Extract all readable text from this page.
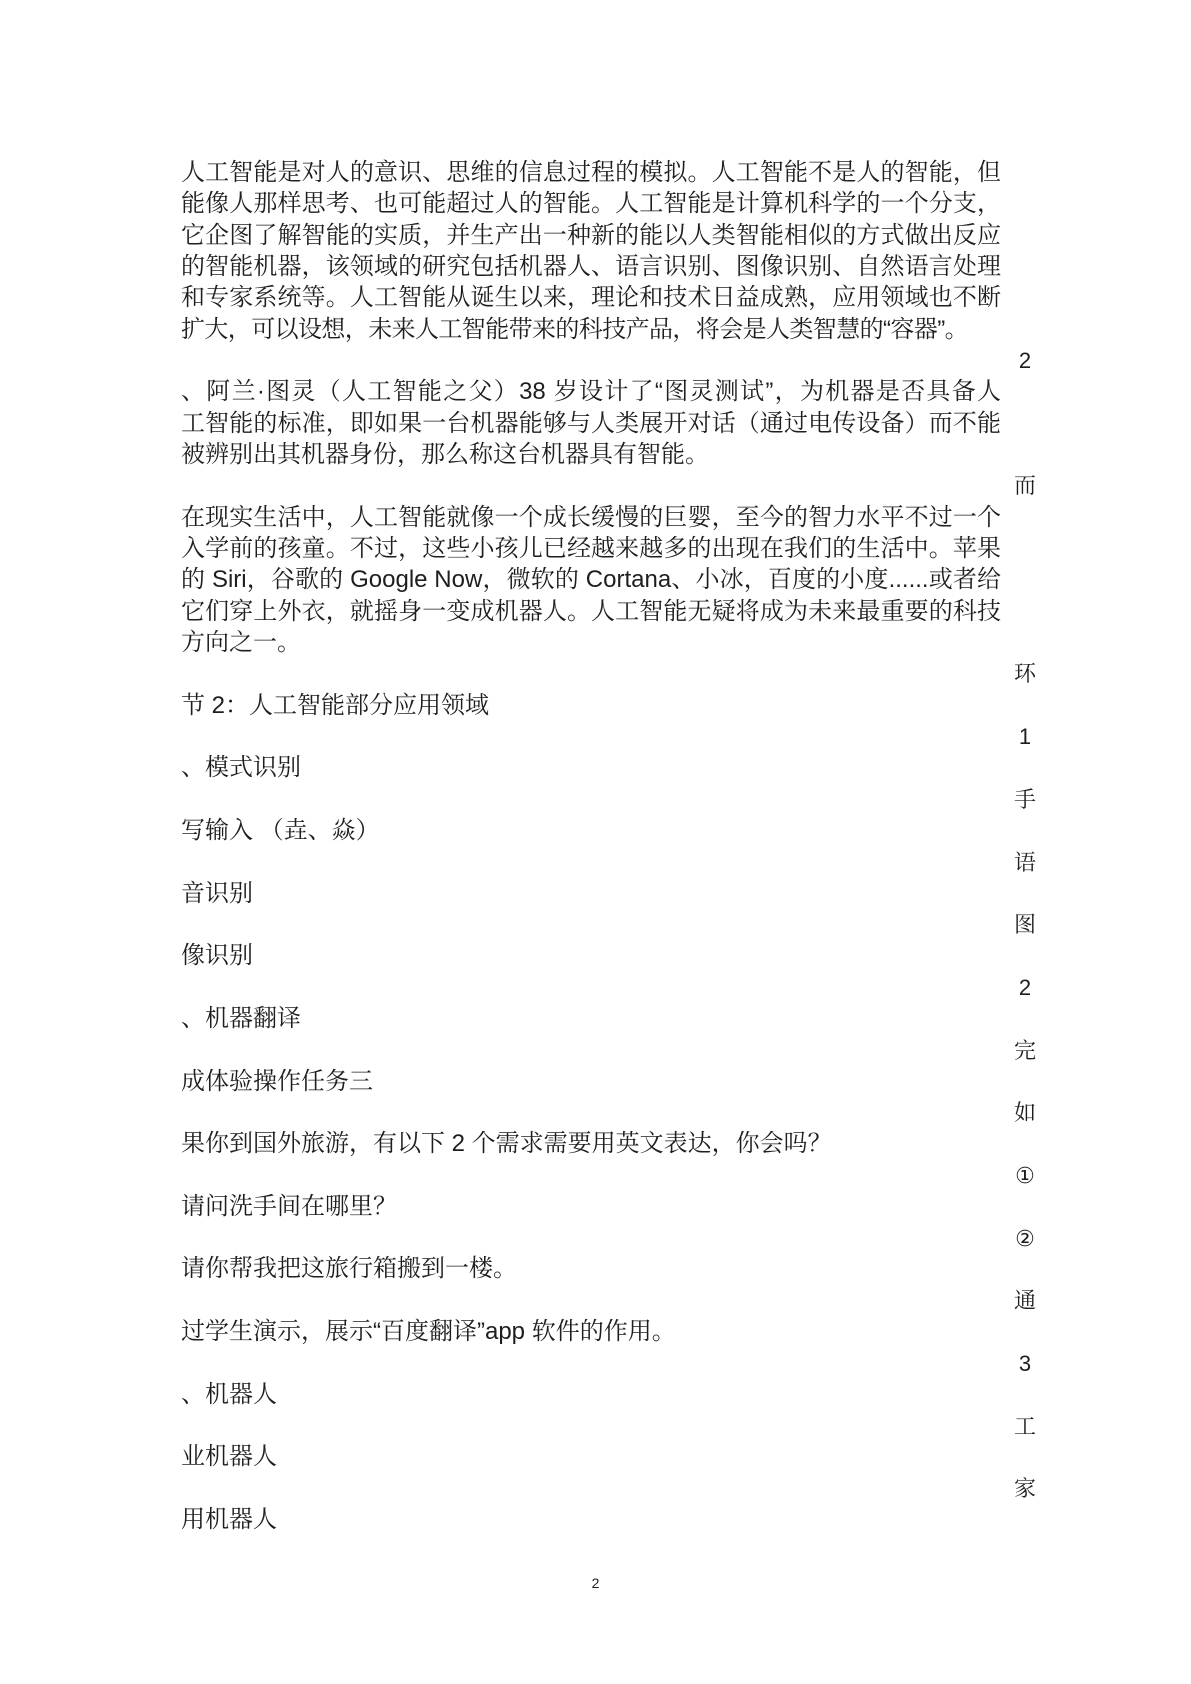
人工智能是对人的意识、思维的信息过程的模拟。人工智能不是人的智能，但
能像人那样思考、也可能超过人的智能。人工智能是计算机科学的一个分支，
它企图了解智能的实质，并生产出一种新的能以人类智能相似的方式做出反应
的智能机器，该领域的研究包括机器人、语言识别、图像识别、自然语言处理
和专家系统等。人工智能从诞生以来，理论和技术日益成熟，应用领域也不断
扩大，可以设想，未来人工智能带来的科技产品，将会是人类智慧的“容器”。
、阿兰·图灵（人工智能之父）38 岁设计了“图灵测试”，为机器是否具备人
工智能的标准，即如果一台机器能够与人类展开对话（通过电传设备）而不能
被辨别出其机器身份，那么称这台机器具有智能。
在现实生活中，人工智能就像一个成长缓慢的巨婴，至今的智力水平不过一个
入学前的孩童。不过，这些小孩儿已经越来越多的出现在我们的生活中。苹果
的 Siri，谷歌的 Google Now，微软的 Cortana、小冰，百度的小度......或者给
它们穿上外衣，就摇身一变成机器人。人工智能无疑将成为未来最重要的科技
方向之一。
节 2：人工智能部分应用领域
、模式识别
写输入 （垚、焱）
音识别
像识别
、机器翻译
成体验操作任务三
果你到国外旅游，有以下 2 个需求需要用英文表达，你会吗？
请问洗手间在哪里？
请你帮我把这旅行箱搬到一楼。
过学生演示，展示“百度翻译”app 软件的作用。
、机器人
业机器人
用机器人
2
而
环
1
手
语
图
2
完
如
①
②
通
3
工
家
2
